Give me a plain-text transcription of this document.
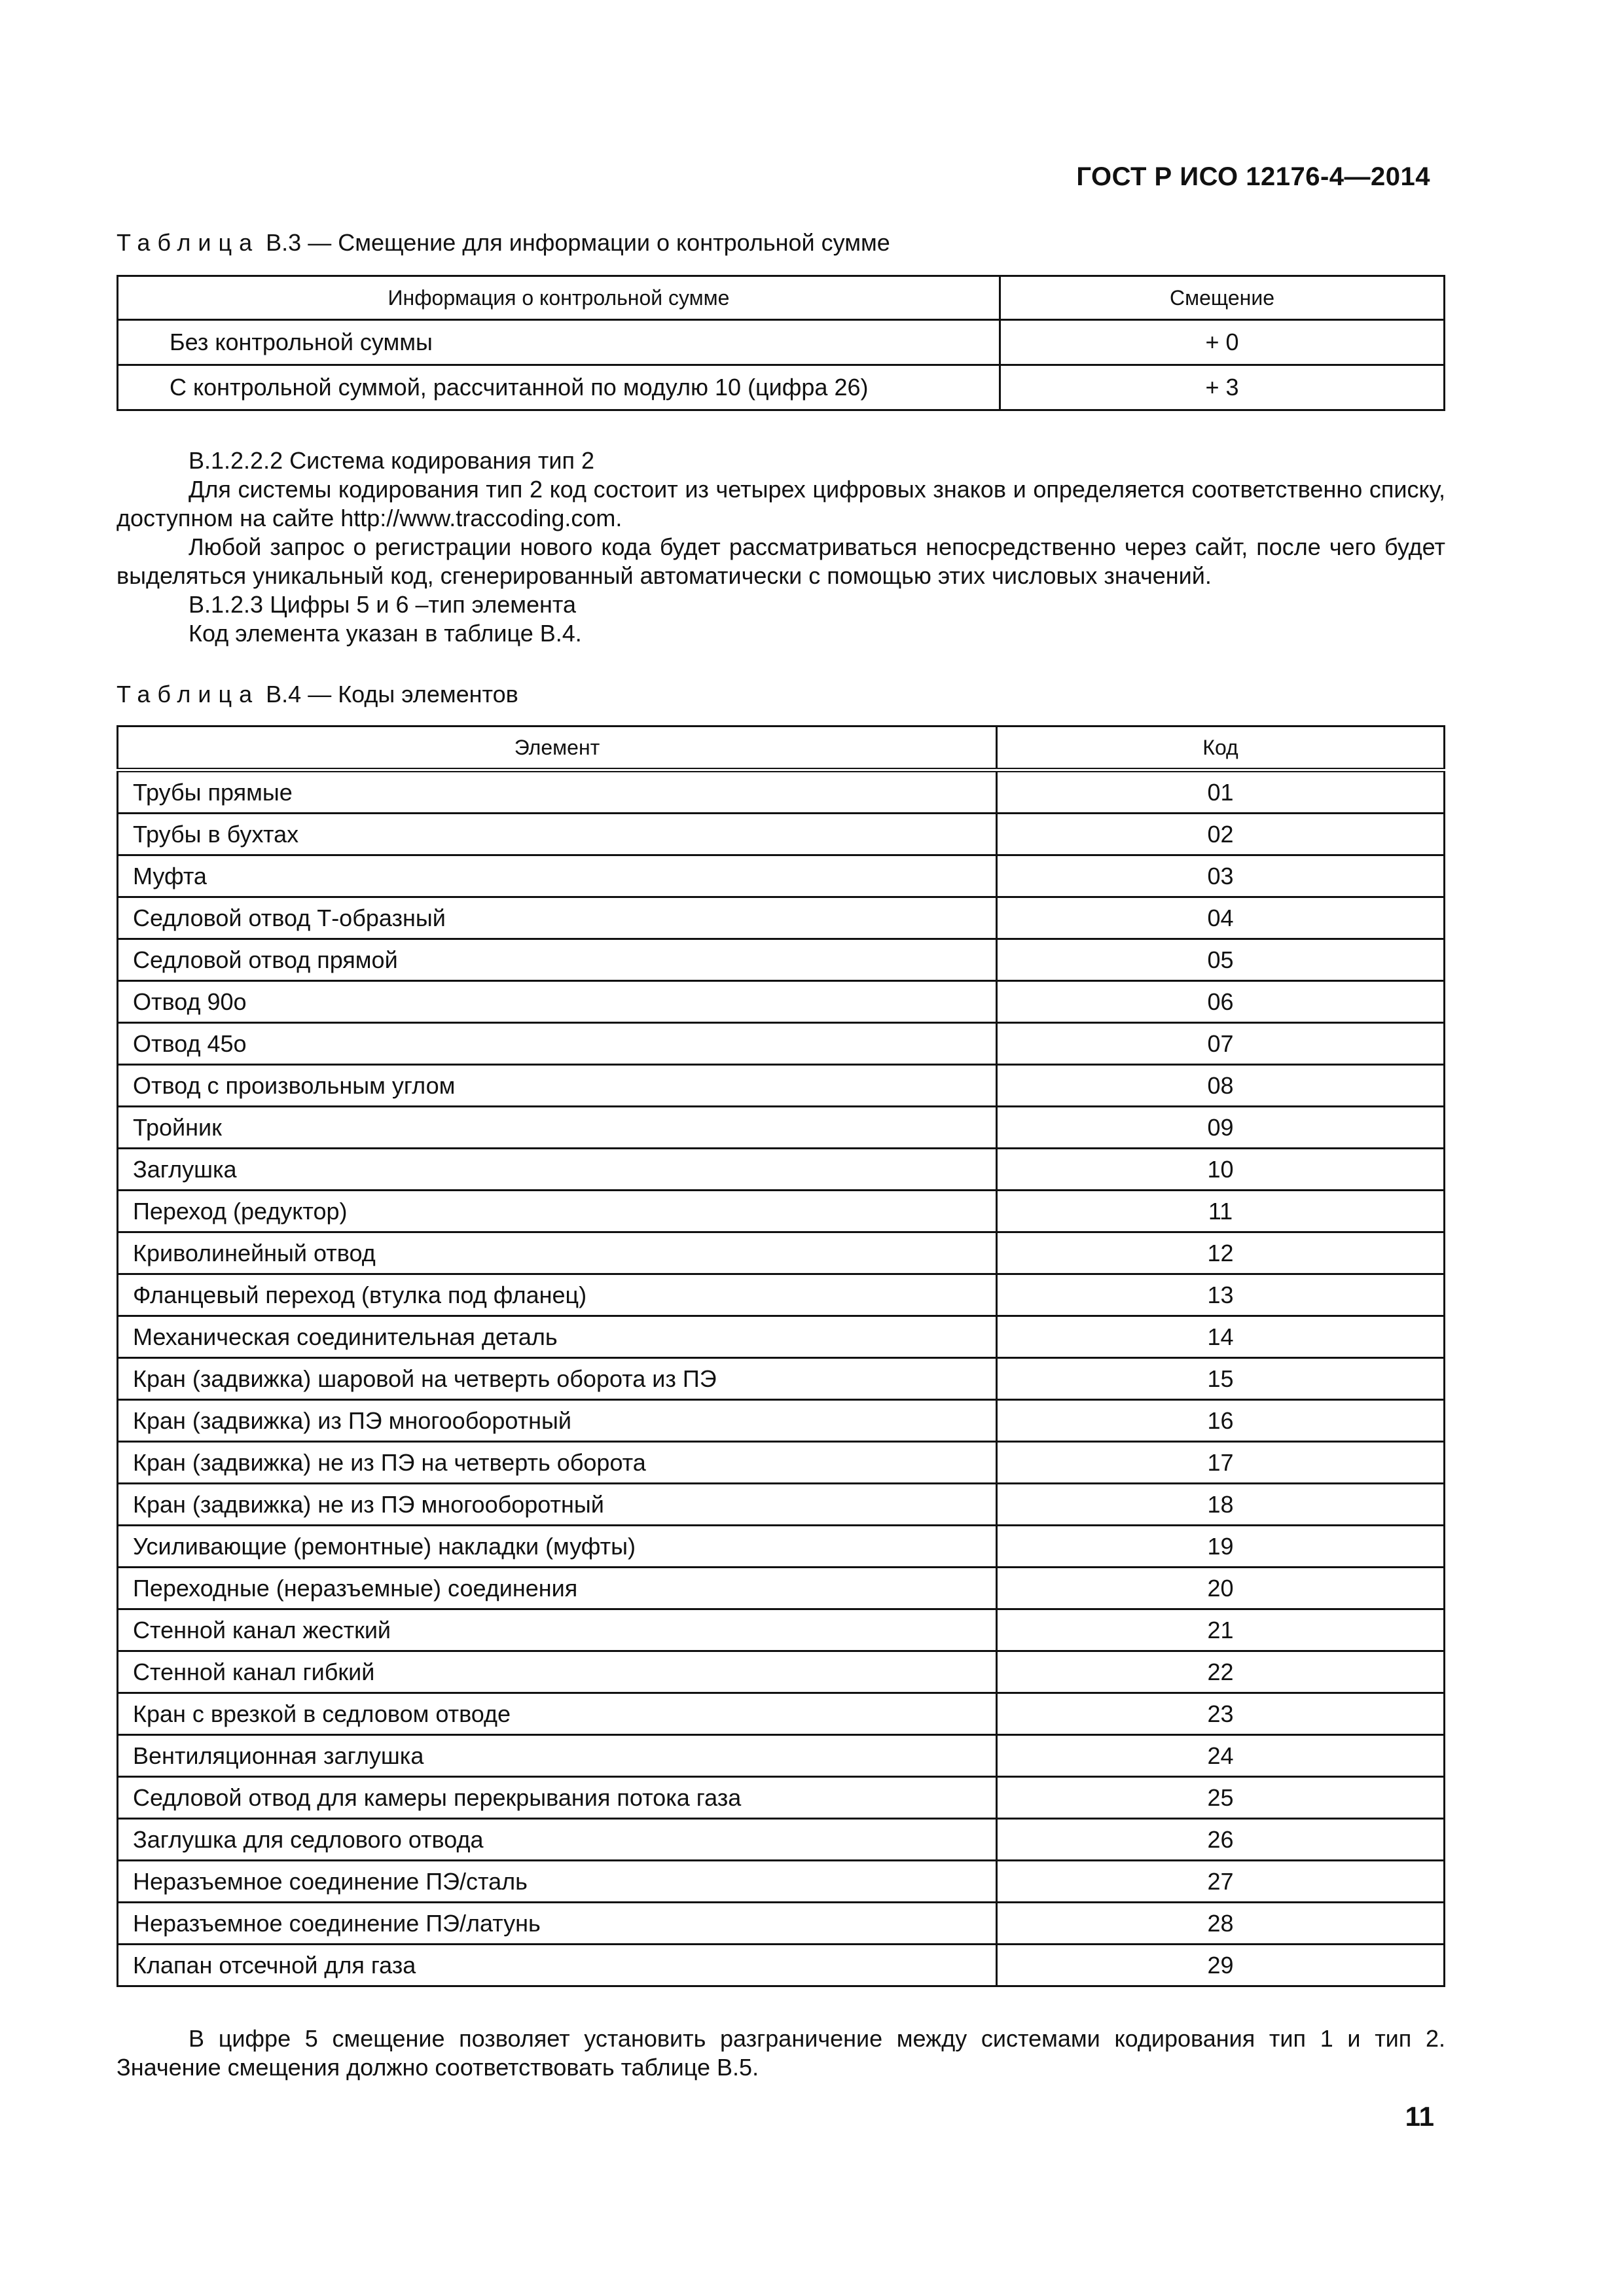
ГОСТ Р ИСО 12176-4—2014
Таблица В.3 — Смещение для информации о контрольной сумме
Информация о контрольной сумме	Смещение
Без контрольной суммы	+ 0
С контрольной суммой, рассчитанной по модулю 10 (цифра 26)	+ 3

В.1.2.2.2 Система кодирования тип 2

Для системы кодирования тип 2 код состоит из четырех цифровых знаков и определяется соответственно списку, доступном на сайте http://www.traccoding.com.

Любой запрос о регистрации нового кода будет рассматриваться непосредственно через сайт, после чего будет выделяться уникальный код, сгенерированный автоматически с помощью этих числовых значений.

В.1.2.3 Цифры 5 и 6 –тип элемента

Код элемента указан в таблице В.4.

Таблица В.4 — Коды элементов
Элемент	Код
Трубы прямые	01
Трубы в бухтах	02
Муфта	03
Седловой отвод Т-образный	04
Седловой отвод прямой	05
Отвод 90о	06
Отвод 45о	07
Отвод с произвольным углом	08
Тройник	09
Заглушка	10
Переход (редуктор)	11
Криволинейный отвод	12
Фланцевый переход (втулка под фланец)	13
Механическая соединительная деталь	14
Кран (задвижка) шаровой на четверть оборота из ПЭ	15
Кран (задвижка) из ПЭ многооборотный	16
Кран (задвижка) не из ПЭ на четверть оборота	17
Кран (задвижка) не из ПЭ многооборотный	18
Усиливающие (ремонтные) накладки (муфты)	19
Переходные (неразъемные) соединения	20
Стенной канал жесткий	21
Стенной канал гибкий	22
Кран с врезкой в седловом отводе	23
Вентиляционная заглушка	24
Седловой отвод для камеры перекрывания потока газа	25
Заглушка для седлового отвода	26
Неразъемное соединение ПЭ/сталь	27
Неразъемное соединение ПЭ/латунь	28
Клапан отсечной для газа	29

В цифре 5 смещение позволяет установить разграничение между системами кодирования тип 1 и тип 2. Значение смещения должно соответствовать таблице В.5.

11
